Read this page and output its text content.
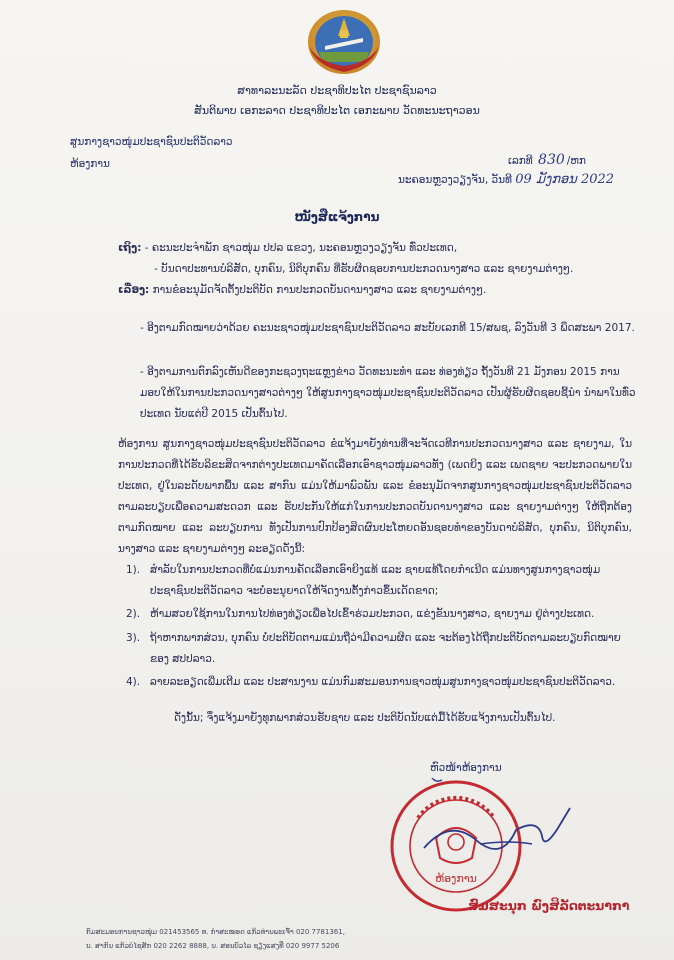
ສາທາລະນະລັດ ປະຊາທິປະໄຕ ປະຊາຊົນລາວ
ສັນຕິພາບ ເອກະລາດ ປະຊາທິປະໄຕ ເອກະພາບ ວັດທະນະຖາວອນ
ສູນກາງຊາວໜຸ່ມປະຊາຊົນປະຕິວັດລາວ
ຫ້ອງການ	ເລກທີ 830 /ຫກ
ນະຄອນຫຼວງວຽງຈັນ, ວັນທີ 09 ມັງກອນ 2022
ໜັງສືແຈ້ງການ
ເຖິງ: - ຄະນະປະຈໍາພັກ ຊາວໜຸ່ມ ປປລ ແຂວງ, ນະຄອນຫຼວງວຽງຈັນ ທົ່ວປະເທດ,
- ບັນດາປະທານບໍລິສັດ, ບຸກຄົນ, ນິຕິບຸກຄົນ ທີ່ຮັບຜິດຊອບການປະກວດນາງສາວ ແລະ ຊາຍງາມຕ່າງໆ.
ເລື່ອງ: ການຂໍອະນຸມັດຈັດຕັ້ງປະຕິບັດ ການປະກວດບັນດານາງສາວ ແລະ ຊາຍງາມຕ່າງໆ.
- ອີງຕາມກົດໝາຍວ່າດ້ວຍ ຄະນະຊາວໜຸ່ມປະຊາຊົນປະຕິວັດລາວ ສະບັບເລກທີ 15/ສພຊ, ລົງວັນທີ 3 ພຶດສະພາ 2017.
- ອີງຕາມການຕົກລົງເຫັນດີຂອງກະຊວງຖະແຫຼງຂ່າວ ວັດທະນະທໍາ ແລະ ທ່ອງທ່ຽວ ຖັ້ງວັນທີ 21 ມັງກອນ 2015 ການມອບໃຫ້ໃນການປະກວດນາງສາວຕ່າງໆ ໃຫ້ສູນກາງຊາວໜຸ່ມປະຊາຊົນປະຕິວັດລາວ ເປັນຜູ້ຮັບຜິດຊອບຊີ້ນໍາ ນໍາພາໃນທົ່ວປະເທດ ນັບແຕ່ປີ 2015 ເປັນຕົ້ນໄປ.
ຫ້ອງການ ສູນກາງຊາວໜຸ່ມປະຊາຊົນປະຕິວັດລາວ ຂໍແຈ້ງມາຍັງທ່ານທີ່ຈະຈັດເວທີການປະກວດນາງສາວ ແລະ ຊາຍງາມ, ໃນການປະກວດທີ່ໄດ້ຮັບລິຂະສິດຈາກຕ່າງປະເທດມາຄັດເລືອກເອົາຊາວໜຸ່ມລາວທັງ (ເພດຍິງ ແລະ ເພດຊາຍ ຈະປະກວດພາຍໃນປະເທດ, ຢູ່ໃນລະດັບພາກພື້ນ ແລະ ສາກົນ ແມ່ນໃຫ້ມາພົວພັນ ແລະ ຂໍອະນຸມັດຈາກສູນກາງຊາວໜຸ່ມປະຊາຊົນປະຕິວັດລາວຕາມລະບຽບເພື່ອຄວາມສະດວກ ແລະ ຮັບປະກັນໃຫ້ແກ່ໃນການປະກວດບັນດານາງສາວ ແລະ ຊາຍງາມຕ່າງໆ ໃຫ້ຖືກຕ້ອງຕາມກົດໝາຍ ແລະ ລະບຽບການ ທັງເປັນການປົກປ້ອງສິດຜົນປະໂຫຍດອັນຊອບທໍາຂອງບັນດາບໍລິສັດ, ບຸກຄົນ, ນິຕິບຸກຄົນ, ນາງສາວ ແລະ ຊາຍງາມຕ່າງໆ ລະອຽດດັ່ງນີ້:
1). ສໍາລັບໃນການປະກວດທີ່ບໍ່ແມ່ນການຄັດເລືອກເອົາຍິງແທ້ ແລະ ຊາຍແທ້ໂດຍກໍາເນີດ ແມ່ນທາງສູນກາງຊາວໜຸ່ມປະຊາຊົນປະຕິວັດລາວ ຈະບໍ່ອະນຸຍາດໃຫ້ຈັດງານຕັ້ງກ່າວຂຶ້ນເດັດຂາດ;
2). ຫ້າມສວຍໃຊ້ການໃນການໄປທ່ອງທ່ຽວເພື່ອໄປເຂົ້າຮ່ວມປະກວດ, ແຂ່ງຂັນນາງສາວ, ຊາຍງາມ ຢູ່ຕ່າງປະເທດ.
3). ຖ້າຫາກພາກສ່ວນ, ບຸກຄົນ ບໍ່ປະຕິບັດຕາມແມ່ນຖືວ່າມີຄວາມຜິດ ແລະ ຈະຕ້ອງໄດ້ຖືກປະຕິບັດຕາມລະບຽບກົດໝາຍ ຂອງ ສປປລາວ.
4). ລາຍລະອຽດເພີ່ມເຕີມ ແລະ ປະສານງານ ແມ່ນກົມສະມອນການຊາວໜຸ່ມສູນກາງຊາວໜຸ່ມປະຊາຊົນປະຕິວັດລາວ.
ດັ່ງນັ້ນ; ຈຶ່ງແຈ້ງມາຍັງທຸກພາກສ່ວນຮັບຊາບ ແລະ ປະຕິບັດນັບແຕ່ມື້ໄດ້ຮັບແຈ້ງການເປັນຕົ້ນໄປ.
ຫົວໜ້າຫ້ອງການ
ຫ້ອງການ
ສົມສະນຸກ ພົງສິລັດຕະນາກາ
ກົມສະມອນການຊາວໜຸ່ມ 021453565 ທ. ກໍາສະໝອດ ແກ້ວທ່ານພະເຈົ້າ 020 7781361,
ນ. ສາກົນ ແກ້ວບໍໄຊສັກ 020 2262 8888, ນ. ສອນບົວໄລ ຊຽງແສງທີ່ 020 9977 5206
